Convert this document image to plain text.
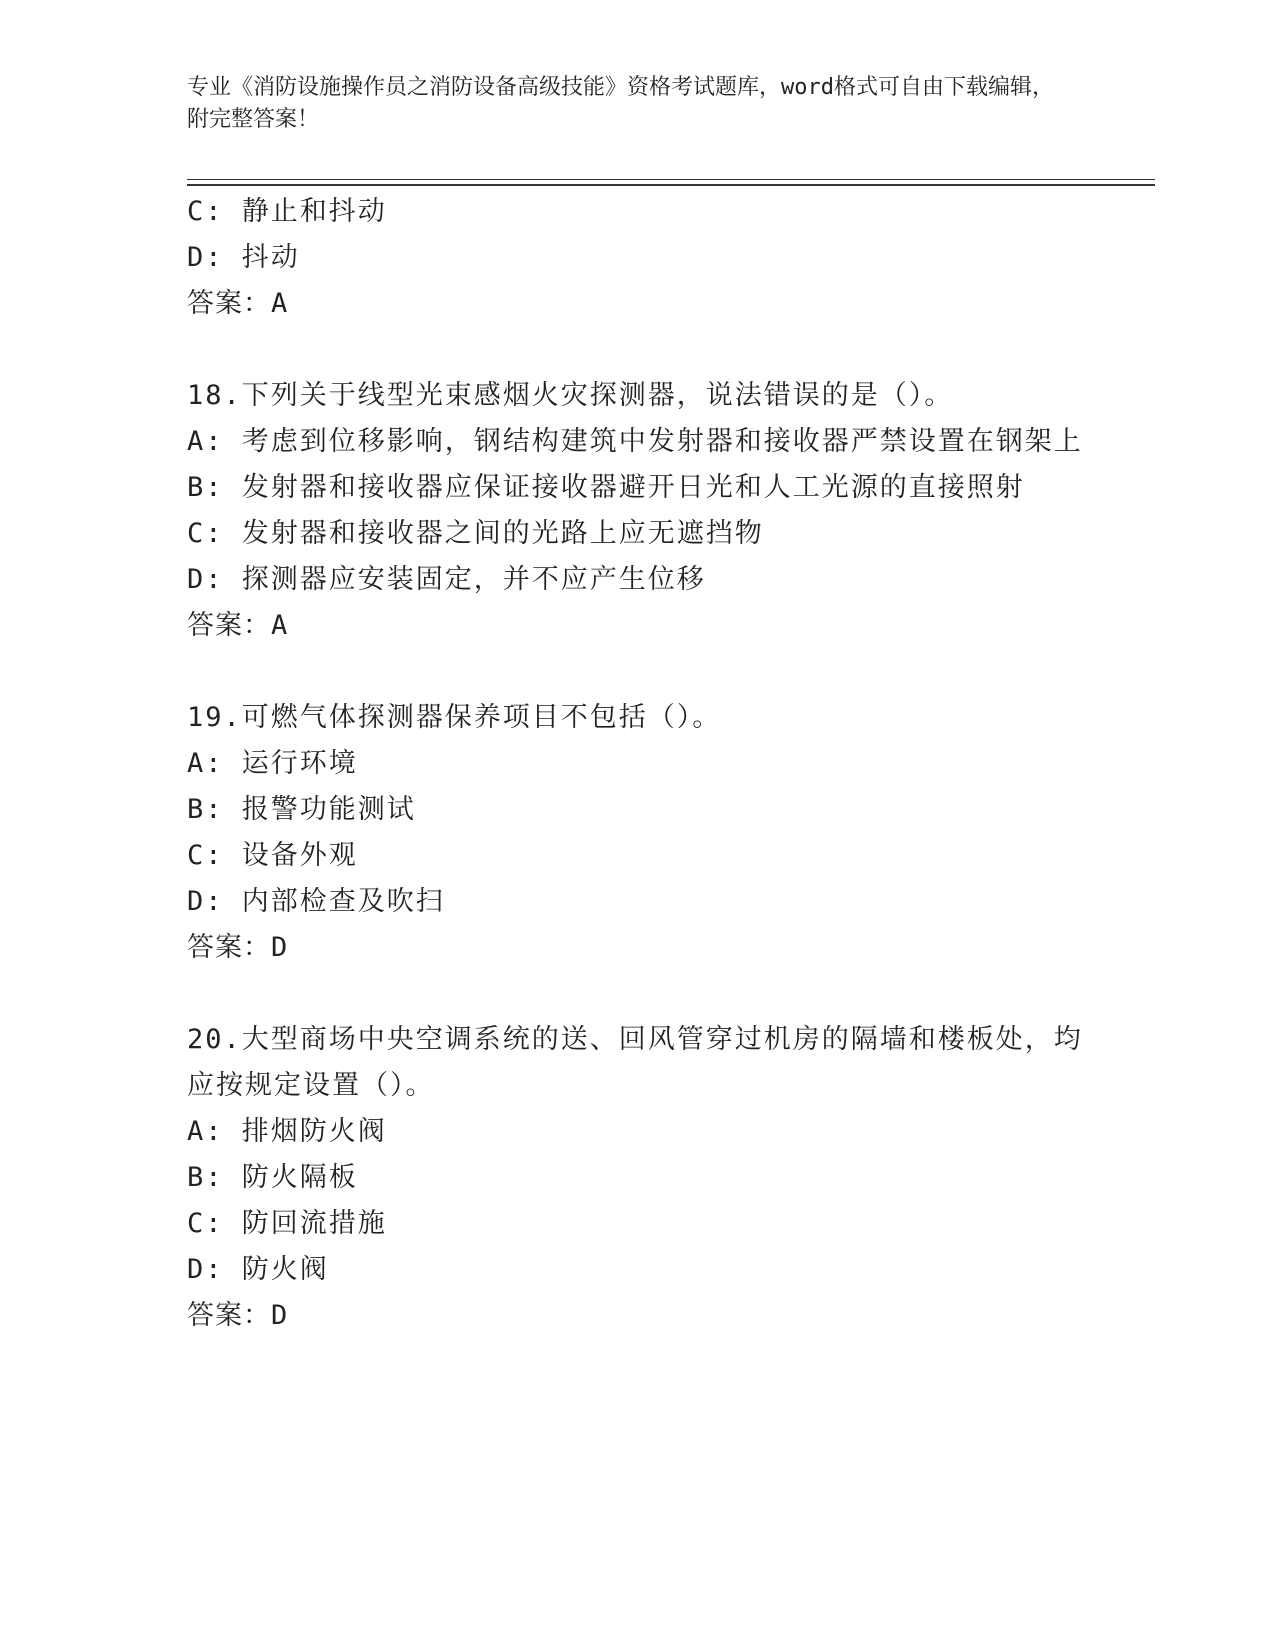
专业《消防设施操作员之消防设备高级技能》资格考试题库，word格式可自由下载编辑，附完整答案！
C: 静止和抖动
D: 抖动
答案：A
18.下列关于线型光束感烟火灾探测器，说法错误的是（）。
A: 考虑到位移影响，钢结构建筑中发射器和接收器严禁设置在钢架上
B: 发射器和接收器应保证接收器避开日光和人工光源的直接照射
C: 发射器和接收器之间的光路上应无遮挡物
D: 探测器应安装固定，并不应产生位移
答案：A
19.可燃气体探测器保养项目不包括（）。
A: 运行环境
B: 报警功能测试
C: 设备外观
D: 内部检查及吹扫
答案：D
20.大型商场中央空调系统的送、回风管穿过机房的隔墙和楼板处，均应按规定设置（）。
A: 排烟防火阀
B: 防火隔板
C: 防回流措施
D: 防火阀
答案：D
